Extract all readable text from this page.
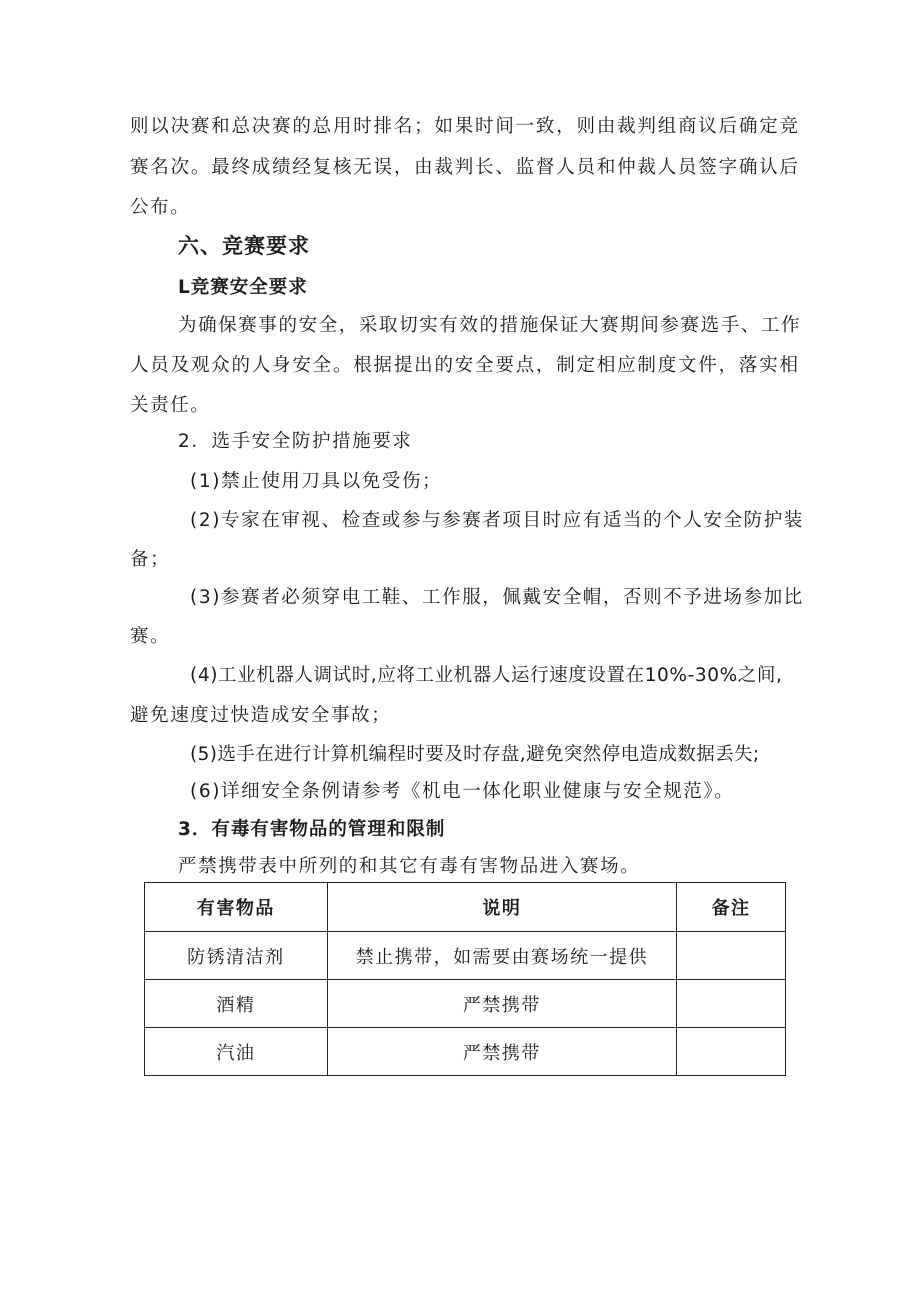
则以决赛和总决赛的总用时排名；如果时间一致，则由裁判组商议后确定竞
赛名次。最终成绩经复核无误，由裁判长、监督人员和仲裁人员签字确认后
公布。
六、竞赛要求
L竞赛安全要求
为确保赛事的安全，采取切实有效的措施保证大赛期间参赛选手、工作
人员及观众的人身安全。根据提出的安全要点，制定相应制度文件，落实相
关责任。
2．选手安全防护措施要求
(1)禁止使用刀具以免受伤；
(2)专家在审视、检查或参与参赛者项目时应有适当的个人安全防护装
备；
(3)参赛者必须穿电工鞋、工作服，佩戴安全帽，否则不予进场参加比
赛。
(4)工业机器人调试时,应将工业机器人运行速度设置在10%-30%之间,
避免速度过快造成安全事故；
(5)选手在进行计算机编程时要及时存盘,避免突然停电造成数据丢失;
(6)详细安全条例请参考《机电一体化职业健康与安全规范》。
3．有毒有害物品的管理和限制
严禁携带表中所列的和其它有毒有害物品进入赛场。
有害物品	说明	备注
防锈清洁剂	禁止携带，如需要由赛场统一提供	
酒精	严禁携带	
汽油	严禁携带	
